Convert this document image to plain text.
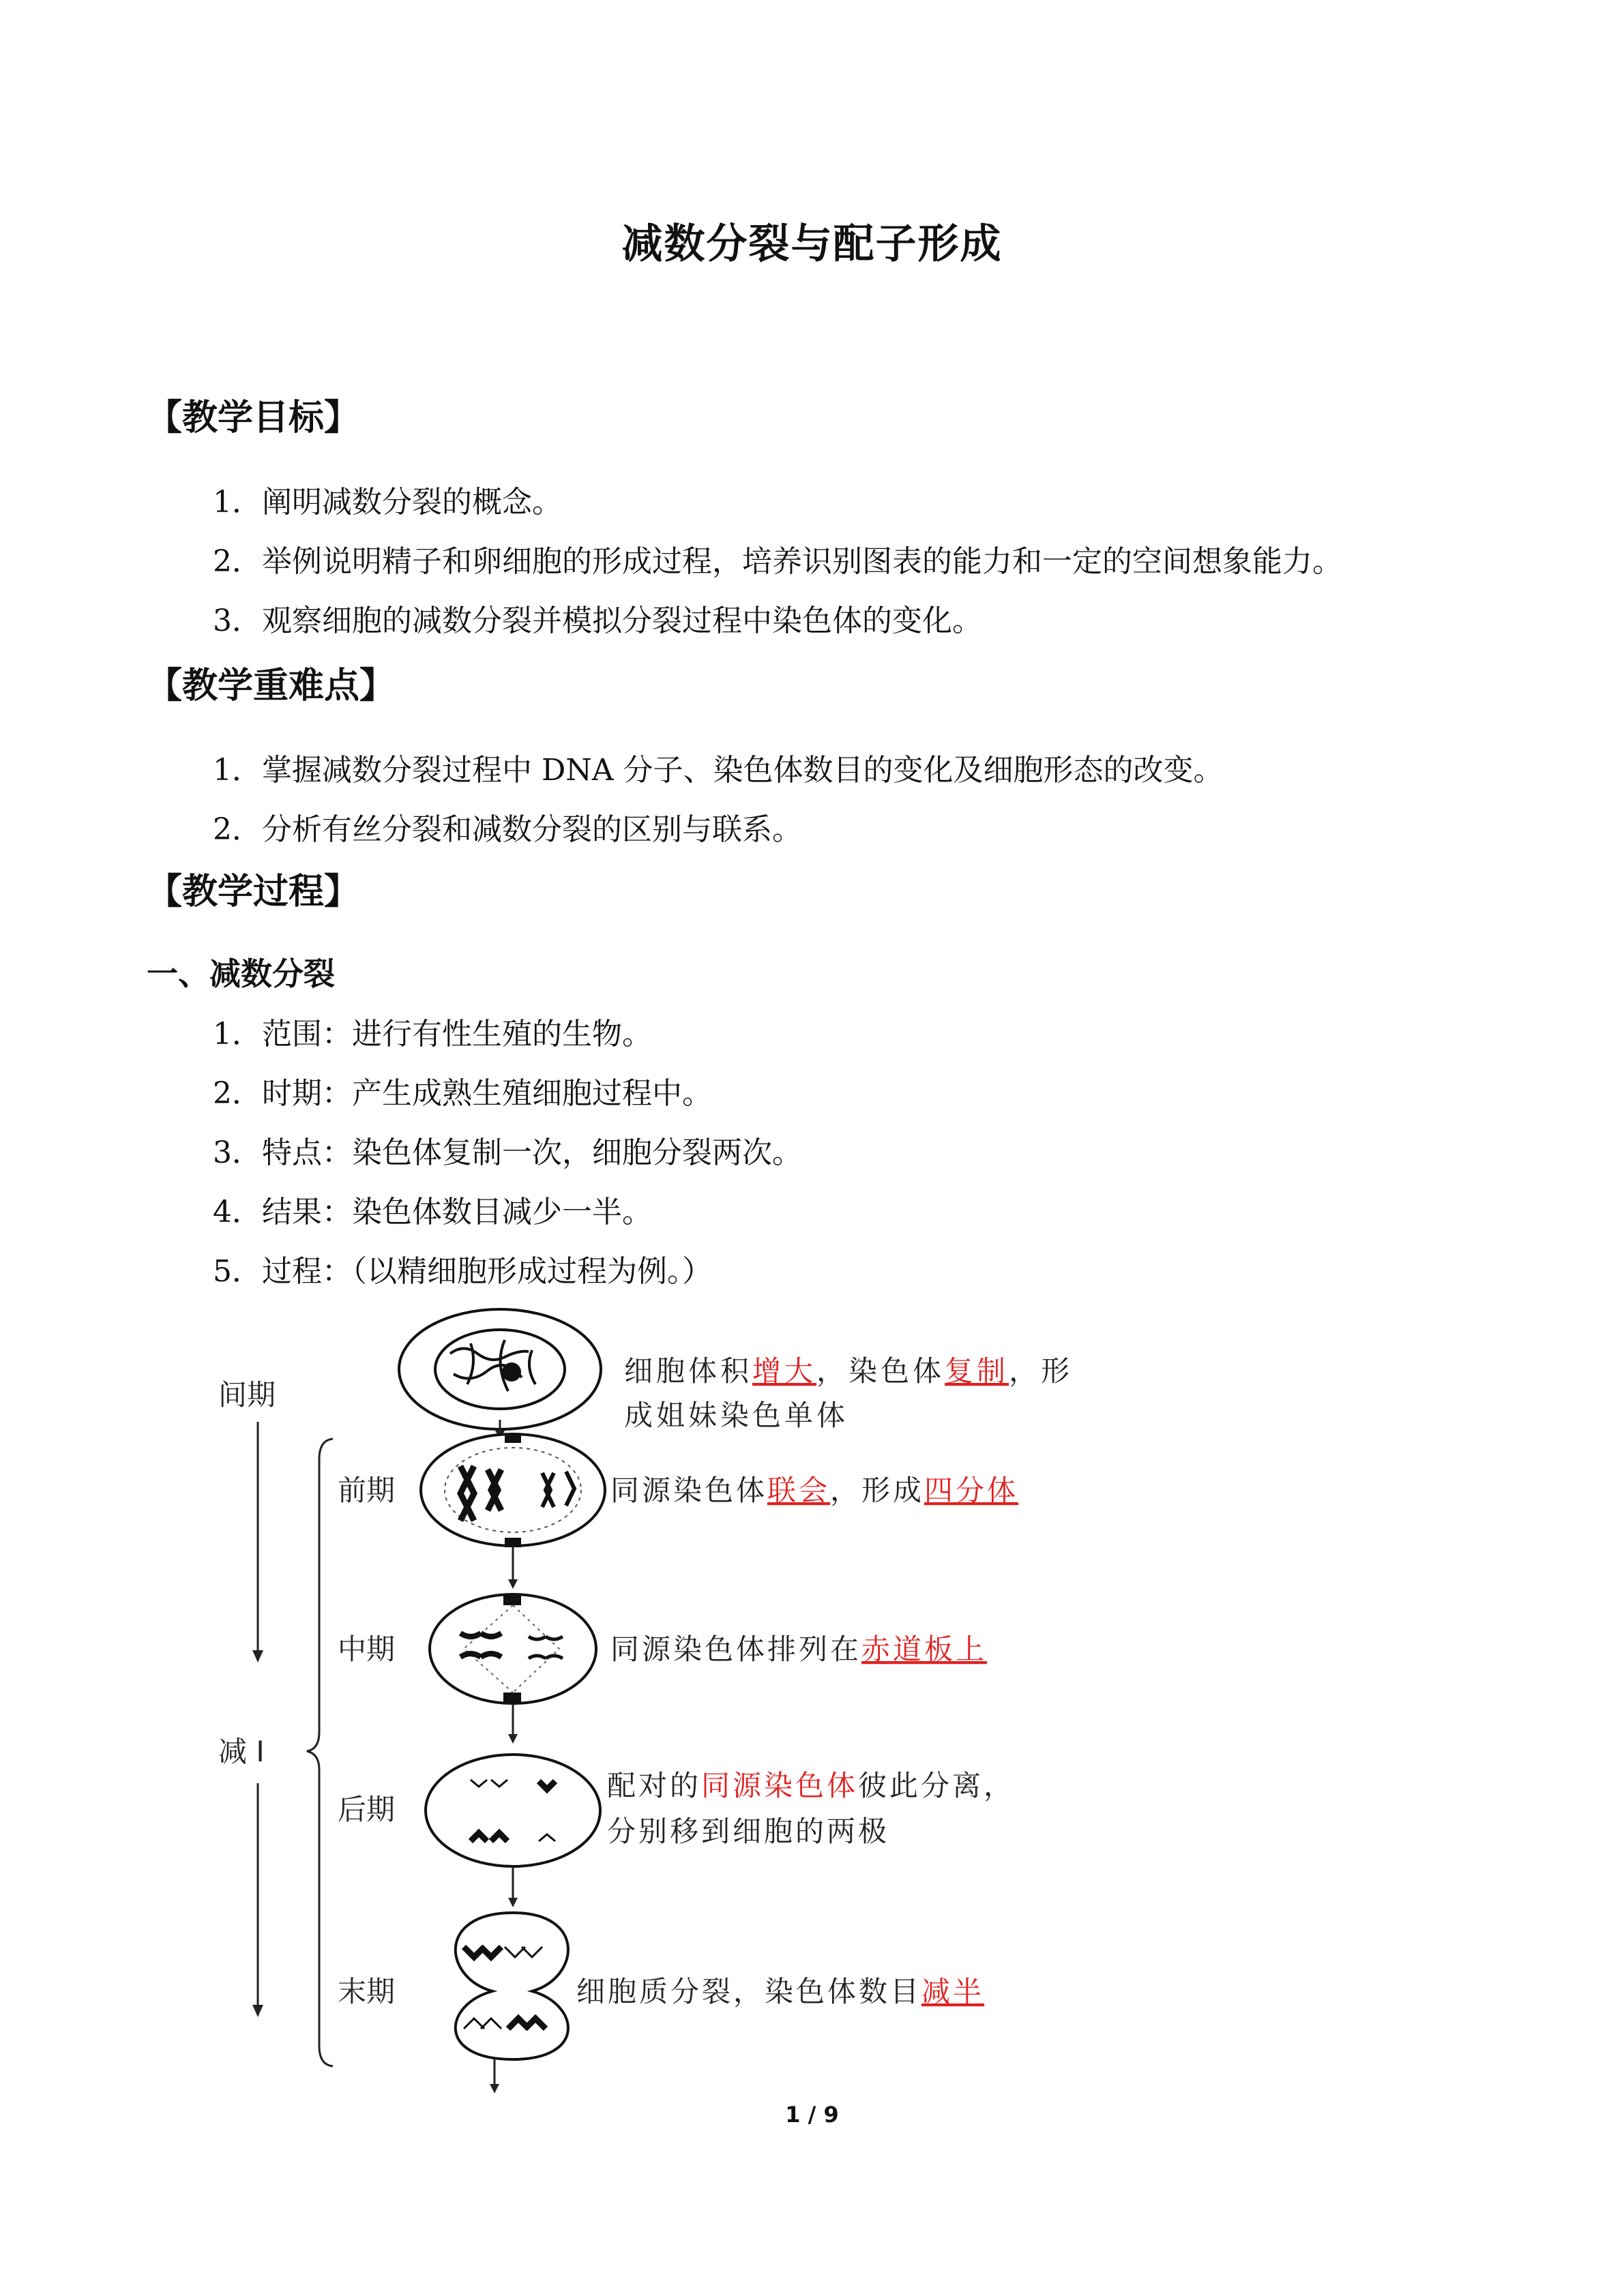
减数分裂与配子形成
【教学目标】
1．阐明减数分裂的概念。
2．举例说明精子和卵细胞的形成过程，培养识别图表的能力和一定的空间想象能力。
3．观察细胞的减数分裂并模拟分裂过程中染色体的变化。
【教学重难点】
1．掌握减数分裂过程中 DNA 分子、染色体数目的变化及细胞形态的改变。
2．分析有丝分裂和减数分裂的区别与联系。
【教学过程】
一、减数分裂
1．范围：进行有性生殖的生物。
2．时期：产生成熟生殖细胞过程中。
3．特点：染色体复制一次，细胞分裂两次。
4．结果：染色体数目减少一半。
5．过程：（以精细胞形成过程为例。）
间期
减 I
前期
中期
后期
末期
细胞体积增大，染色体复制，形
成姐妹染色单体
同源染色体联会，形成四分体
同源染色体排列在赤道板上
配对的同源染色体彼此分离，
分别移到细胞的两极
细胞质分裂，染色体数目减半
1 / 9
